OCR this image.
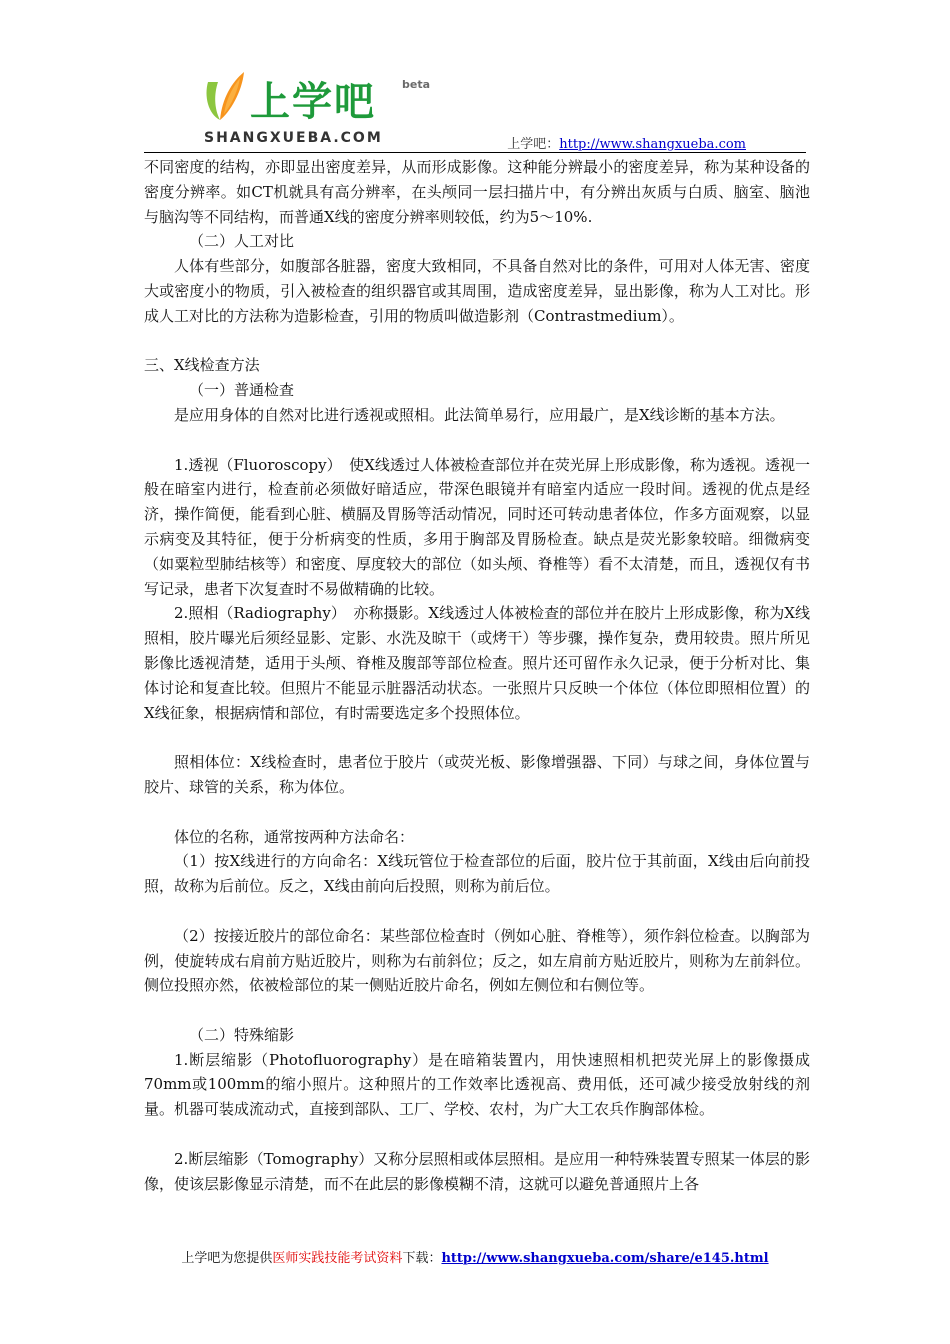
上学吧 beta
SHANGXUEBA.COM	上学吧：http://www.shangxueba.com

不同密度的结构，亦即显出密度差异，从而形成影像。这种能分辨最小的密度差异，称为某种设备的密度分辨率。如CT机就具有高分辨率，在头颅同一层扫描片中，有分辨出灰质与白质、脑室、脑池与脑沟等不同结构，而普通X线的密度分辨率则较低，约为5～10%.

（二）人工对比

人体有些部分，如腹部各脏器，密度大致相同，不具备自然对比的条件，可用对人体无害、密度大或密度小的物质，引入被检查的组织器官或其周围，造成密度差异，显出影像，称为人工对比。形成人工对比的方法称为造影检查，引用的物质叫做造影剂（Contrastmedium）。

三、X线检查方法

（一）普通检查

是应用身体的自然对比进行透视或照相。此法简单易行，应用最广，是X线诊断的基本方法。

1.透视（Fluoroscopy）　使X线透过人体被检查部位并在荧光屏上形成影像，称为透视。透视一般在暗室内进行，检查前必须做好暗适应，带深色眼镜并有暗室内适应一段时间。透视的优点是经济，操作简便，能看到心脏、横膈及胃肠等活动情况，同时还可转动患者体位，作多方面观察，以显示病变及其特征，便于分析病变的性质，多用于胸部及胃肠检查。缺点是荧光影象较暗。细微病变（如粟粒型肺结核等）和密度、厚度较大的部位（如头颅、脊椎等）看不太清楚，而且，透视仅有书写记录，患者下次复查时不易做精确的比较。

2.照相（Radiography）　亦称摄影。X线透过人体被检查的部位并在胶片上形成影像，称为X线照相，胶片曝光后须经显影、定影、水洗及晾干（或烤干）等步骤，操作复杂，费用较贵。照片所见影像比透视清楚，适用于头颅、脊椎及腹部等部位检查。照片还可留作永久记录，便于分析对比、集体讨论和复查比较。但照片不能显示脏器活动状态。一张照片只反映一个体位（体位即照相位置）的X线征象，根据病情和部位，有时需要选定多个投照体位。

照相体位：X线检查时，患者位于胶片（或荧光板、影像增强器、下同）与球之间，身体位置与胶片、球管的关系，称为体位。

体位的名称，通常按两种方法命名：

（1）按X线进行的方向命名：X线玩管位于检查部位的后面，胶片位于其前面，X线由后向前投照，故称为后前位。反之，X线由前向后投照，则称为前后位。

（2）按接近胶片的部位命名：某些部位检查时（例如心脏、脊椎等），须作斜位检查。以胸部为例，使旋转成右肩前方贴近胶片，则称为右前斜位；反之，如左肩前方贴近胶片，则称为左前斜位。侧位投照亦然，依被检部位的某一侧贴近胶片命名，例如左侧位和右侧位等。

（二）特殊缩影

1.断层缩影（Photofluorography）是在暗箱装置内，用快速照相机把荧光屏上的影像摄成70mm或100mm的缩小照片。这种照片的工作效率比透视高、费用低，还可减少接受放射线的剂量。机器可装成流动式，直接到部队、工厂、学校、农村，为广大工农兵作胸部体检。

2.断层缩影（Tomography）又称分层照相或体层照相。是应用一种特殊装置专照某一体层的影像，使该层影像显示清楚，而不在此层的影像模糊不清，这就可以避免普通照片上各

上学吧为您提供医师实践技能考试资料下载：http://www.shangxueba.com/share/e145.html
